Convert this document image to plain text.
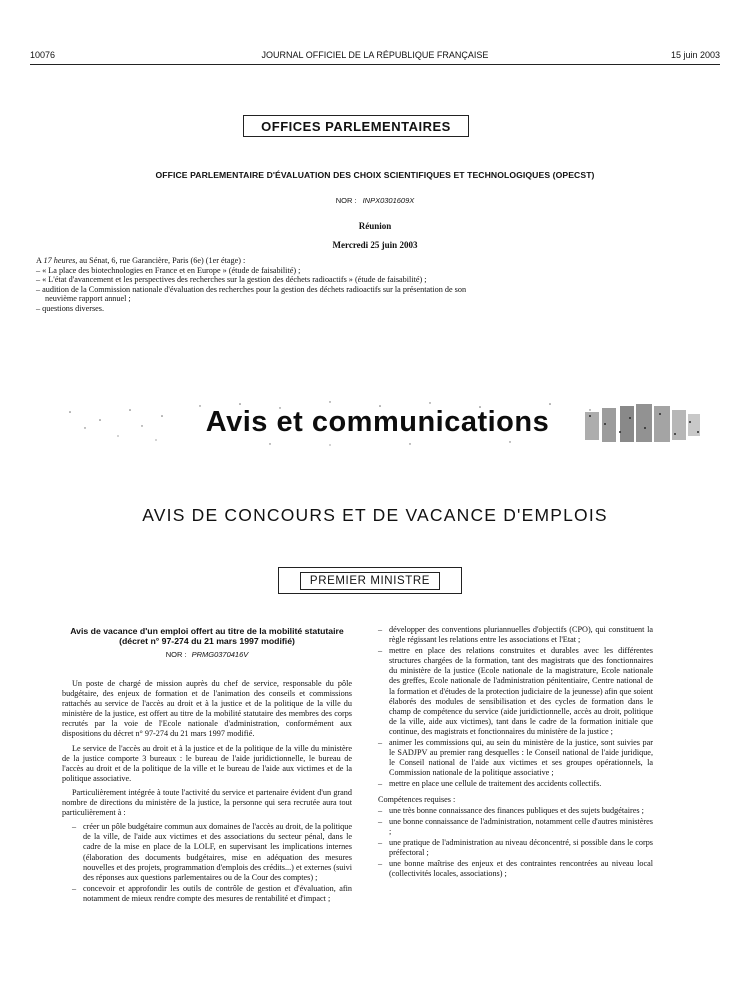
10076	JOURNAL OFFICIEL DE LA RÉPUBLIQUE FRANÇAISE	15 juin 2003
OFFICES PARLEMENTAIRES
OFFICE PARLEMENTAIRE D'ÉVALUATION DES CHOIX SCIENTIFIQUES ET TECHNOLOGIQUES (OPECST)
NOR : INPX0301609X
Réunion
Mercredi 25 juin 2003
A 17 heures, au Sénat, 6, rue Garancière, Paris (6e) (1er étage) :
– « La place des biotechnologies en France et en Europe » (étude de faisabilité) ;
– « L'état d'avancement et les perspectives des recherches sur la gestion des déchets radioactifs » (étude de faisabilité) ;
– audition de la Commission nationale d'évaluation des recherches pour la gestion des déchets radioactifs sur la présentation de son
neuvième rapport annuel ;
– questions diverses.
Avis et communications
AVIS DE CONCOURS ET DE VACANCE D'EMPLOIS
PREMIER MINISTRE
Avis de vacance d'un emploi offert au titre de la mobilité statutaire (décret n° 97-274 du 21 mars 1997 modifié)
NOR : PRMG0370416V

Un poste de chargé de mission auprès du chef de service, responsable du pôle budgétaire, des enjeux de formation et de l'animation des conseils et commissions rattachés au service de l'accès au droit et à la justice et de la politique de la ville du ministère de la justice, est offert au titre de la mobilité statutaire des membres des corps recrutés par la voie de l'Ecole nationale d'administration, conformément aux dispositions du décret n° 97-274 du 21 mars 1997 modifié.

Le service de l'accès au droit et à la justice et de la politique de la ville du ministère de la justice comporte 3 bureaux : le bureau de l'aide juridictionnelle, le bureau de l'accès au droit et de la politique de la ville et le bureau de l'aide aux victimes et de la politique associative.

Particulièrement intégrée à toute l'activité du service et partenaire évident d'un grand nombre de directions du ministère de la justice, la personne qui sera recrutée aura tout particulièrement à :

– créer un pôle budgétaire commun aux domaines de l'accès au droit, de la politique de la ville, de l'aide aux victimes et des associations du secteur pénal, dans le cadre de la mise en place de la LOLF, en supervisant les implications internes (élaboration des documents budgétaires, mise en adéquation des mesures nouvelles et des projets, programmation d'emplois des crédits...) et externes (suivi des réponses aux questions parlementaires ou de la Cour des comptes) ;
– concevoir et approfondir les outils de contrôle de gestion et d'évaluation, afin notamment de mieux rendre compte des mesures de rentabilité et d'impact ;
– développer des conventions pluriannuelles d'objectifs (CPO), qui constituent la règle régissant les relations entre les associations et l'Etat ;
– mettre en place des relations construites et durables avec les différentes structures chargées de la formation, tant des magistrats que des fonctionnaires du ministère de la justice (Ecole nationale de la magistrature, Ecole nationale des greffes, Ecole nationale de l'administration pénitentiaire, Centre national de la formation et d'études de la protection judiciaire de la jeunesse) afin que soient élaborés des modules de sensibilisation et des cycles de formation dans le champ de compétence du service (aide juridictionnelle, accès au droit, politique de la ville, aide aux victimes), tant dans le cadre de la formation initiale que continue, des magistrats et fonctionnaires du ministère de la justice ;
– animer les commissions qui, au sein du ministère de la justice, sont suivies par le SADJPV au premier rang desquelles : le Conseil national de l'aide juridique, le Conseil national de l'aide aux victimes et ses groupes opérationnels, la Commission nationale de la politique associative ;
– mettre en place une cellule de traitement des accidents collectifs.
Compétences requises :
– une très bonne connaissance des finances publiques et des sujets budgétaires ;
– une bonne connaissance de l'administration, notamment celle d'autres ministères ;
– une pratique de l'administration au niveau déconcentré, si possible dans le corps préfectoral ;
– une bonne maîtrise des enjeux et des contraintes rencontrées au niveau local (collectivités locales, associations) ;
